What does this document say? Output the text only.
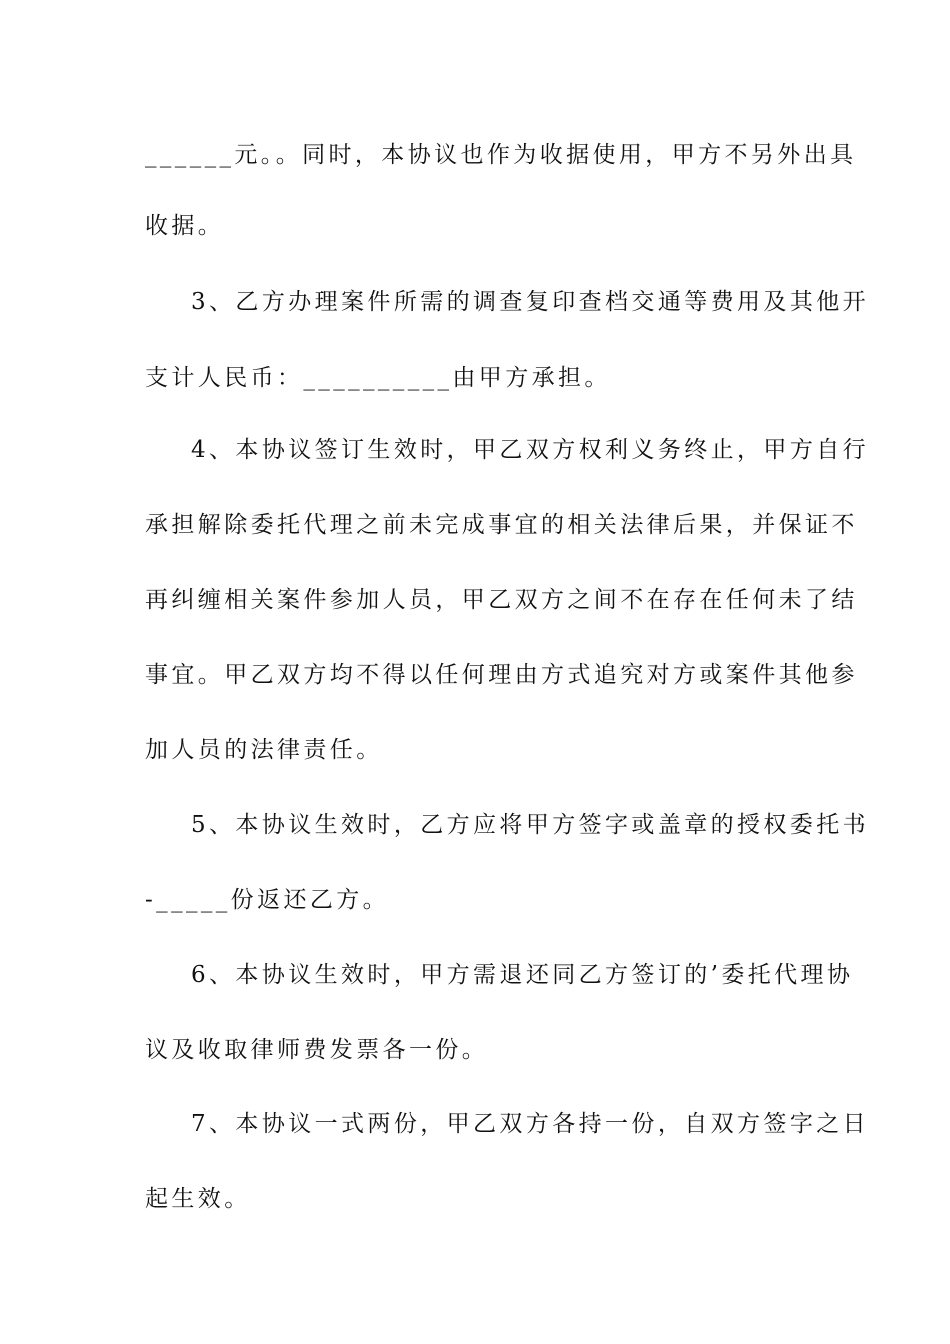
______元。。同时，本协议也作为收据使用，甲方不另外出具
收据。
3、乙方办理案件所需的调查复印查档交通等费用及其他开
支计人民币：__________由甲方承担。
4、本协议签订生效时，甲乙双方权利义务终止，甲方自行
承担解除委托代理之前未完成事宜的相关法律后果，并保证不
再纠缠相关案件参加人员，甲乙双方之间不在存在任何未了结
事宜。甲乙双方均不得以任何理由方式追究对方或案件其他参
加人员的法律责任。
5、本协议生效时，乙方应将甲方签字或盖章的授权委托书
-_____份返还乙方。
6、本协议生效时，甲方需退还同乙方签订的’委托代理协
议及收取律师费发票各一份。
7、本协议一式两份，甲乙双方各持一份，自双方签字之日
起生效。
